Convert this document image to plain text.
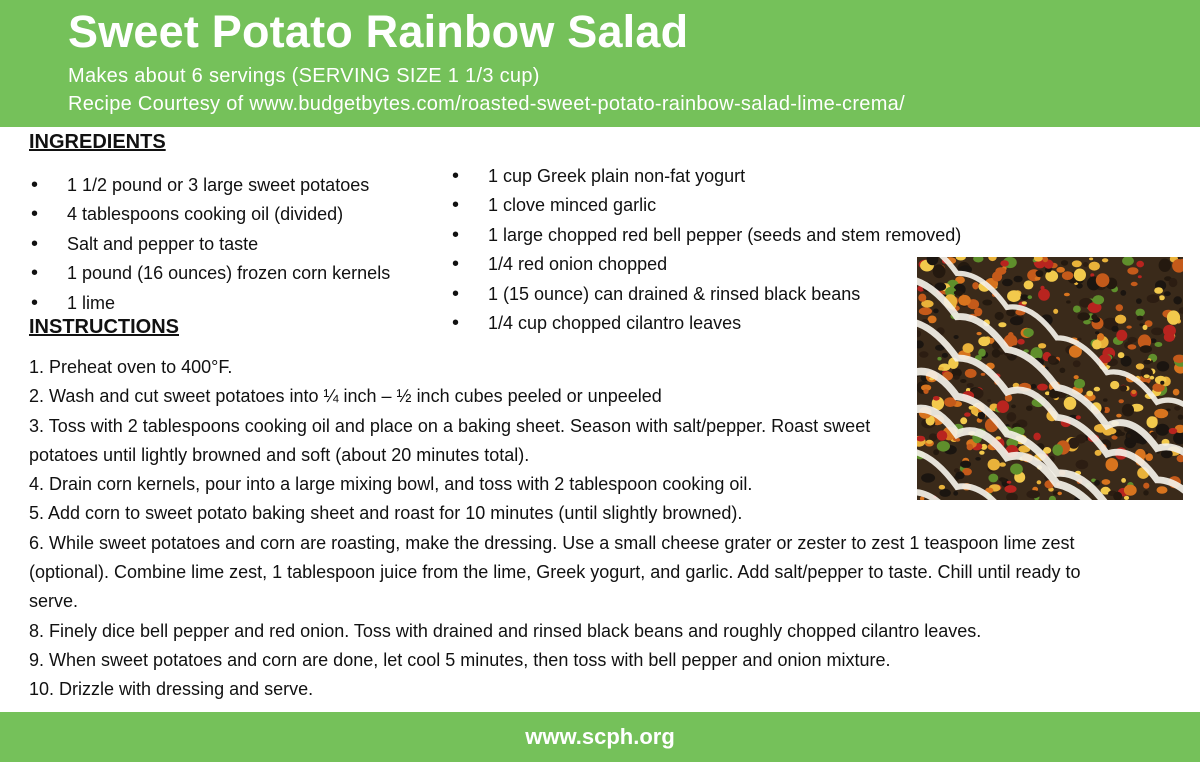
Sweet Potato Rainbow Salad
Makes about 6 servings (SERVING SIZE 1 1/3 cup)
Recipe Courtesy of www.budgetbytes.com/roasted-sweet-potato-rainbow-salad-lime-crema/
INGREDIENTS
• 1 1/2 pound or 3 large sweet potatoes
• 4 tablespoons cooking oil (divided)
• Salt and pepper to taste
• 1 pound (16 ounces) frozen corn kernels
• 1 lime
• 1 cup Greek plain non-fat yogurt
• 1 clove minced garlic
• 1 large chopped red bell pepper (seeds and stem removed)
• 1/4 red onion chopped
• 1 (15 ounce) can drained & rinsed black beans
• 1/4 cup chopped cilantro leaves
INSTRUCTIONS

1. Preheat oven to 400°F.

2. Wash and cut sweet potatoes into ¼ inch – ½ inch cubes peeled or unpeeled

3. Toss with 2 tablespoons cooking oil and place on a baking sheet. Season with salt/pepper. Roast sweet potatoes until lightly browned and soft (about 20 minutes total).

4. Drain corn kernels, pour into a large mixing bowl, and toss with 2 tablespoon cooking oil.

5. Add corn to sweet potato baking sheet and roast for 10 minutes (until slightly browned).

6. While sweet potatoes and corn are roasting, make the dressing. Use a small cheese grater or zester to zest 1 teaspoon lime zest (optional). Combine lime zest, 1 tablespoon juice from the lime, Greek yogurt, and garlic. Add salt/pepper to taste. Chill until ready to serve.

8. Finely dice bell pepper and red onion. Toss with drained and rinsed black beans and roughly chopped cilantro leaves.

9. When sweet potatoes and corn are done, let cool 5 minutes, then toss with bell pepper and onion mixture.

10. Drizzle with dressing and serve.

www.scph.org
